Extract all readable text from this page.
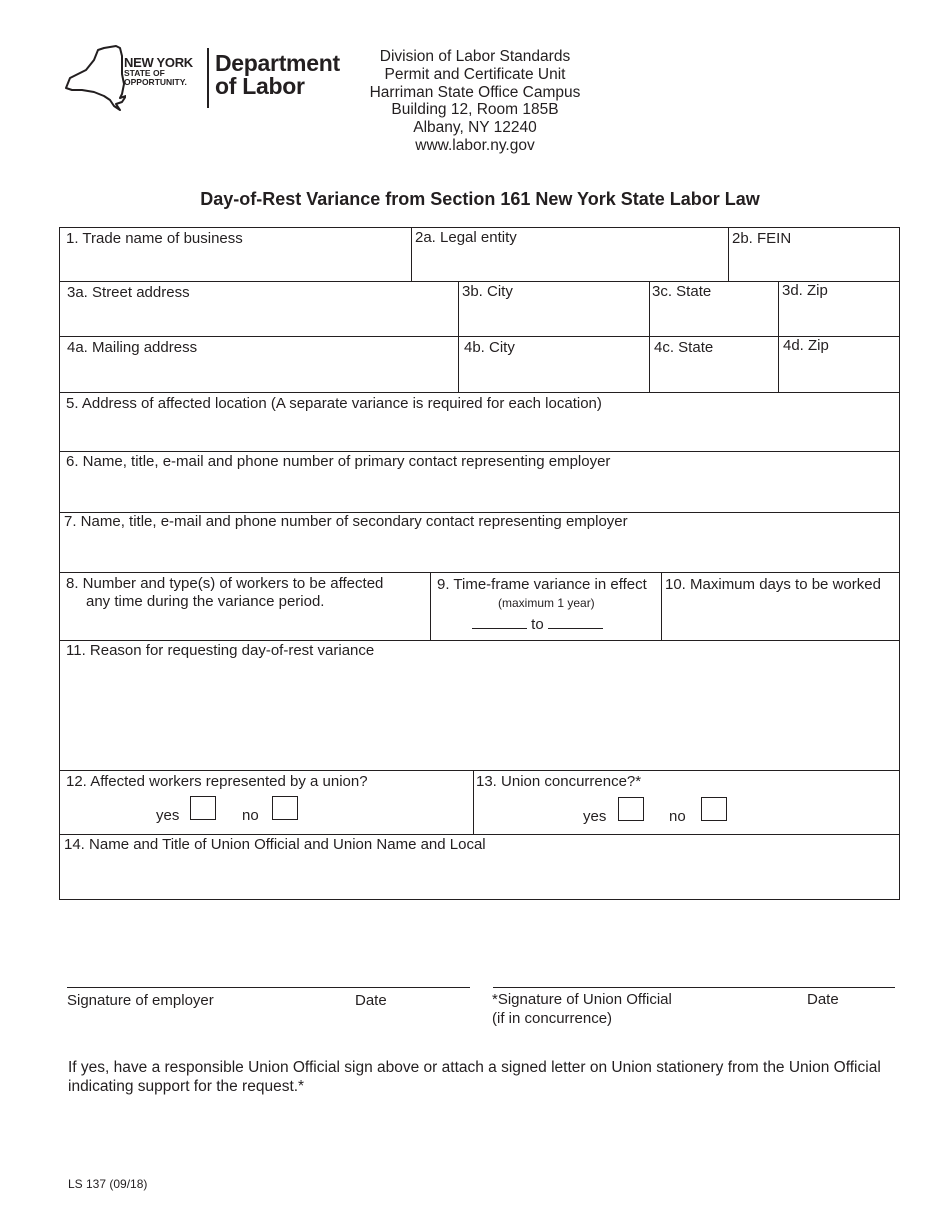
NEW YORK
STATE OF
OPPORTUNITY.
Department
of Labor
Division of Labor Standards
Permit and Certificate Unit
Harriman State Office Campus
Building 12, Room 185B
Albany, NY 12240
www.labor.ny.gov
Day-of-Rest Variance from Section 161 New York State Labor Law
1. Trade name of business	2a. Legal entity	2b. FEIN
3a. Street address	3b. City	3c. State	3d. Zip
4a. Mailing address	4b. City	4c. State	4d. Zip
5. Address of affected location (A separate variance is required for each location)
6. Name, title, e-mail and phone number of primary contact representing employer
7. Name, title, e-mail and phone number of secondary contact representing employer
8. Number and type(s) of workers to be affected
any time during the variance period.
9. Time-frame variance in effect
(maximum 1 year)
to
10. Maximum days to be worked
11. Reason for requesting day-of-rest variance
12. Affected workers represented by a union?
yes	no
13. Union concurrence?*
yes	no
14. Name and Title of Union Official and Union Name and Local
Signature of employer	Date	*Signature of Union Official
(if in concurrence)
Date
If yes, have a responsible Union Official sign above or attach a signed letter on Union stationery from the Union Official indicating support for the request.*
LS 137 (09/18)
